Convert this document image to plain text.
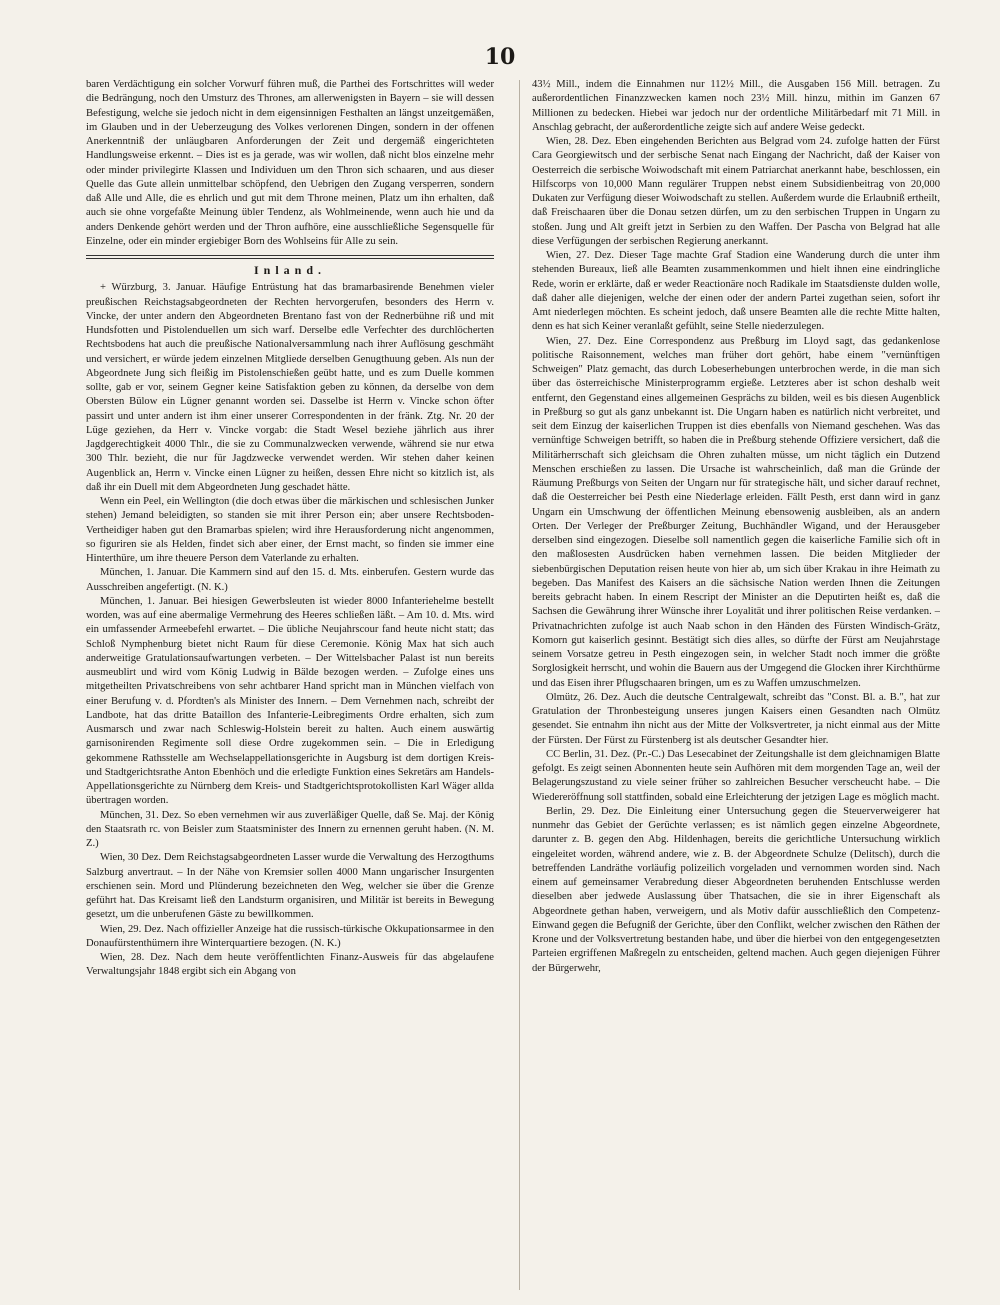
10

baren Verdächtigung ein solcher Vorwurf führen muß, die Parthei des Fortschrittes will weder die Bedrängung, noch den Umsturz des Thrones, am allerwenigsten in Bayern – sie will dessen Befestigung, welche sie jedoch nicht in dem eigensinnigen Festhalten an längst unzeitgemäßen, im Glauben und in der Ueberzeugung des Volkes verlorenen Dingen, sondern in der offenen Anerkenntniß der unläugbaren Anforderungen der Zeit und dergemäß eingerichteten Handlungsweise erkennt. – Dies ist es ja gerade, was wir wollen, daß nicht blos einzelne mehr oder minder privilegirte Klassen und Individuen um den Thron sich schaaren, und aus dieser Quelle das Gute allein unmittelbar schöpfend, den Uebrigen den Zugang versperren, sondern daß Alle und Alle, die es ehrlich und gut mit dem Throne meinen, Platz um ihn erhalten, daß auch sie ohne vorgefaßte Meinung übler Tendenz, als Wohlmeinende, wenn auch hie und da anders Denkende gehört werden und der Thron aufhöre, eine ausschließliche Segensquelle für Einzelne, oder ein minder ergiebiger Born des Wohlseins für Alle zu sein.

Inland.

+ Würzburg, 3. Januar. Häufige Entrüstung hat das bramarbasirende Benehmen vieler preußischen Reichstagsabgeordneten der Rechten hervorgerufen, besonders des Herrn v. Vincke, der unter andern den Abgeordneten Brentano fast von der Rednerbühne riß und mit Hundsfotten und Pistolenduellen um sich warf. Derselbe edle Verfechter des durchlöcherten Rechtsbodens hat auch die preußische Nationalversammlung nach ihrer Auflösung geschmäht und versichert, er würde jedem einzelnen Mitgliede derselben Genugthuung geben. Als nun der Abgeordnete Jung sich fleißig im Pistolenschießen geübt hatte, und es zum Duelle kommen sollte, gab er vor, seinem Gegner keine Satisfaktion geben zu können, da derselbe von dem Obersten Bülow ein Lügner genannt worden sei. Dasselbe ist Herrn v. Vincke schon öfter passirt und unter andern ist ihm einer unserer Correspondenten in der fränk. Ztg. Nr. 20 der Lüge geziehen, da Herr v. Vincke vorgab: die Stadt Wesel beziehe jährlich aus ihrer Jagdgerechtigkeit 4000 Thlr., die sie zu Communalzwecken verwende, während sie nur etwa 300 Thlr. bezieht, die nur für Jagdzwecke verwendet werden. Wir stehen daher keinen Augenblick an, Herrn v. Vincke einen Lügner zu heißen, dessen Ehre nicht so kitzlich ist, als daß ihr ein Duell mit dem Abgeordneten Jung geschadet hätte.

Wenn ein Peel, ein Wellington (die doch etwas über die märkischen und schlesischen Junker stehen) Jemand beleidigten, so standen sie mit ihrer Person ein; aber unsere Rechtsboden-Vertheidiger haben gut den Bramarbas spielen; wird ihre Herausforderung nicht angenommen, so figuriren sie als Helden, findet sich aber einer, der Ernst macht, so finden sie immer eine Hinterthüre, um ihre theuere Person dem Vaterlande zu erhalten.

München, 1. Januar. Die Kammern sind auf den 15. d. Mts. einberufen. Gestern wurde das Ausschreiben angefertigt. (N. K.)

München, 1. Januar. Bei hiesigen Gewerbsleuten ist wieder 8000 Infanteriehelme bestellt worden, was auf eine abermalige Vermehrung des Heeres schließen läßt. – Am 10. d. Mts. wird ein umfassender Armeebefehl erwartet. – Die übliche Neujahrscour fand heute nicht statt; das Schloß Nymphenburg bietet nicht Raum für diese Ceremonie. König Max hat sich auch anderweitige Gratulationsaufwartungen verbeten. – Der Wittelsbacher Palast ist nun bereits ausmeublirt und wird vom König Ludwig in Bälde bezogen werden. – Zufolge eines uns mitgetheilten Privatschreibens von sehr achtbarer Hand spricht man in München vielfach von einer Berufung v. d. Pfordten's als Minister des Innern. – Dem Vernehmen nach, schreibt der Landbote, hat das dritte Bataillon des Infanterie-Leibregiments Ordre erhalten, sich zum Ausmarsch und zwar nach Schleswig-Holstein bereit zu halten. Auch einem auswärtig garnisonirenden Regimente soll diese Ordre zugekommen sein. – Die in Erledigung gekommene Rathsstelle am Wechselappellationsgerichte in Augsburg ist dem dortigen Kreis- und Stadtgerichtsrathe Anton Ebenhöch und die erledigte Funktion eines Sekretärs am Handels-Appellationsgerichte zu Nürnberg dem Kreis- und Stadtgerichtsprotokollisten Karl Wäger allda übertragen worden.

München, 31. Dez. So eben vernehmen wir aus zuverläßiger Quelle, daß Se. Maj. der König den Staatsrath rc. von Beisler zum Staatsminister des Innern zu ernennen geruht haben. (N. M. Z.)

Wien, 30 Dez. Dem Reichstagsabgeordneten Lasser wurde die Verwaltung des Herzogthums Salzburg anvertraut. – In der Nähe von Kremsier sollen 4000 Mann ungarischer Insurgenten erschienen sein. Mord und Plünderung bezeichneten den Weg, welcher sie über die Grenze geführt hat. Das Kreisamt ließ den Landsturm organisiren, und Militär ist bereits in Bewegung gesetzt, um die unberufenen Gäste zu bewillkommen.

Wien, 29. Dez. Nach offizieller Anzeige hat die russisch-türkische Okkupationsarmee in den Donaufürstenthümern ihre Winterquartiere bezogen. (N. K.)

Wien, 28. Dez. Nach dem heute veröffentlichten Finanz-Ausweis für das abgelaufene Verwaltungsjahr 1848 ergibt sich ein Abgang von

43½ Mill., indem die Einnahmen nur 112½ Mill., die Ausgaben 156 Mill. betragen. Zu außerordentlichen Finanzzwecken kamen noch 23½ Mill. hinzu, mithin im Ganzen 67 Millionen zu bedecken. Hiebei war jedoch nur der ordentliche Militärbedarf mit 71 Mill. in Anschlag gebracht, der außerordentliche zeigte sich auf andere Weise gedeckt.

Wien, 28. Dez. Eben eingehenden Berichten aus Belgrad vom 24. zufolge hatten der Fürst Cara Georgiewitsch und der serbische Senat nach Eingang der Nachricht, daß der Kaiser von Oesterreich die serbische Woiwodschaft mit einem Patriarchat anerkannt habe, beschlossen, ein Hilfscorps von 10,000 Mann regulärer Truppen nebst einem Subsidienbeitrag von 20,000 Dukaten zur Verfügung dieser Woiwodschaft zu stellen. Außerdem wurde die Erlaubniß ertheilt, daß Freischaaren über die Donau setzen dürfen, um zu den serbischen Truppen in Ungarn zu stoßen. Jung und Alt greift jetzt in Serbien zu den Waffen. Der Pascha von Belgrad hat alle diese Verfügungen der serbischen Regierung anerkannt.

Wien, 27. Dez. Dieser Tage machte Graf Stadion eine Wanderung durch die unter ihm stehenden Bureaux, ließ alle Beamten zusammenkommen und hielt ihnen eine eindringliche Rede, worin er erklärte, daß er weder Reactionäre noch Radikale im Staatsdienste dulden wolle, daß daher alle diejenigen, welche der einen oder der andern Partei zugethan seien, sofort ihr Amt niederlegen möchten. Es scheint jedoch, daß unsere Beamten alle die rechte Mitte halten, denn es hat sich Keiner veranlaßt gefühlt, seine Stelle niederzulegen.

Wien, 27. Dez. Eine Correspondenz aus Preßburg im Lloyd sagt, das gedankenlose politische Raisonnement, welches man früher dort gehört, habe einem "vernünftigen Schweigen" Platz gemacht, das durch Lobeserhebungen unterbrochen werde, in die man sich über das österreichische Ministerprogramm ergieße. Letzteres aber ist schon deshalb weit entfernt, den Gegenstand eines allgemeinen Gesprächs zu bilden, weil es bis diesen Augenblick in Preßburg so gut als ganz unbekannt ist. Die Ungarn haben es natürlich nicht verbreitet, und seit dem Einzug der kaiserlichen Truppen ist dies ebenfalls von Niemand geschehen. Was das vernünftige Schweigen betrifft, so haben die in Preßburg stehende Offiziere versichert, daß die Militärherrschaft sich gleichsam die Ohren zuhalten müsse, um nicht täglich ein Dutzend Menschen erschießen zu lassen. Die Ursache ist wahrscheinlich, daß man die Gründe der Räumung Preßburgs von Seiten der Ungarn nur für strategische hält, und sicher darauf rechnet, daß die Oesterreicher bei Pesth eine Niederlage erleiden. Fällt Pesth, erst dann wird in ganz Ungarn ein Umschwung der öffentlichen Meinung ebensowenig ausbleiben, als an andern Orten. Der Verleger der Preßburger Zeitung, Buchhändler Wigand, und der Herausgeber derselben sind eingezogen. Dieselbe soll namentlich gegen die kaiserliche Familie sich oft in den maßlosesten Ausdrücken haben vernehmen lassen. Die beiden Mitglieder der siebenbürgischen Deputation reisen heute von hier ab, um sich über Krakau in ihre Heimath zu begeben. Das Manifest des Kaisers an die sächsische Nation werden Ihnen die Zeitungen bereits gebracht haben. In einem Rescript der Minister an die Deputirten heißt es, daß die Sachsen die Gewährung ihrer Wünsche ihrer Loyalität und ihrer politischen Reise verdanken. – Privatnachrichten zufolge ist auch Naab schon in den Händen des Fürsten Windisch-Grätz, Komorn gut kaiserlich gesinnt. Bestätigt sich dies alles, so dürfte der Fürst am Neujahrstage seinem Vorsatze getreu in Pesth eingezogen sein, in welcher Stadt noch immer die größte Sorglosigkeit herrscht, und wohin die Bauern aus der Umgegend die Glocken ihrer Kirchthürme und das Eisen ihrer Pflugschaaren bringen, um es zu Waffen umzuschmelzen.

Olmütz, 26. Dez. Auch die deutsche Centralgewalt, schreibt das "Const. Bl. a. B.", hat zur Gratulation der Thronbesteigung unseres jungen Kaisers einen Gesandten nach Olmütz gesendet. Sie entnahm ihn nicht aus der Mitte der Volksvertreter, ja nicht einmal aus der Mitte der Fürsten. Der Fürst zu Fürstenberg ist als deutscher Gesandter hier.

CC Berlin, 31. Dez. (Pr.-C.) Das Lesecabinet der Zeitungshalle ist dem gleichnamigen Blatte gefolgt. Es zeigt seinen Abonnenten heute sein Aufhören mit dem morgenden Tage an, weil der Belagerungszustand zu viele seiner früher so zahlreichen Besucher verscheucht habe. – Die Wiedereröffnung soll stattfinden, sobald eine Erleichterung der jetzigen Lage es möglich macht.

Berlin, 29. Dez. Die Einleitung einer Untersuchung gegen die Steuerverweigerer hat nunmehr das Gebiet der Gerüchte verlassen; es ist nämlich gegen einzelne Abgeordnete, darunter z. B. gegen den Abg. Hildenhagen, bereits die gerichtliche Untersuchung wirklich eingeleitet worden, während andere, wie z. B. der Abgeordnete Schulze (Delitsch), durch die betreffenden Landräthe vorläufig polizeilich vorgeladen und vernommen worden sind. Nach einem auf gemeinsamer Verabredung dieser Abgeordneten beruhenden Entschlusse werden dieselben aber jedwede Auslassung über Thatsachen, die sie in ihrer Eigenschaft als Abgeordnete gethan haben, verweigern, und als Motiv dafür ausschließlich den Competenz-Einwand gegen die Befugniß der Gerichte, über den Conflikt, welcher zwischen den Räthen der Krone und der Volksvertretung bestanden habe, und über die hierbei von den entgegengesetzten Parteien ergriffenen Maßregeln zu entscheiden, geltend machen. Auch gegen diejenigen Führer der Bürgerwehr,
